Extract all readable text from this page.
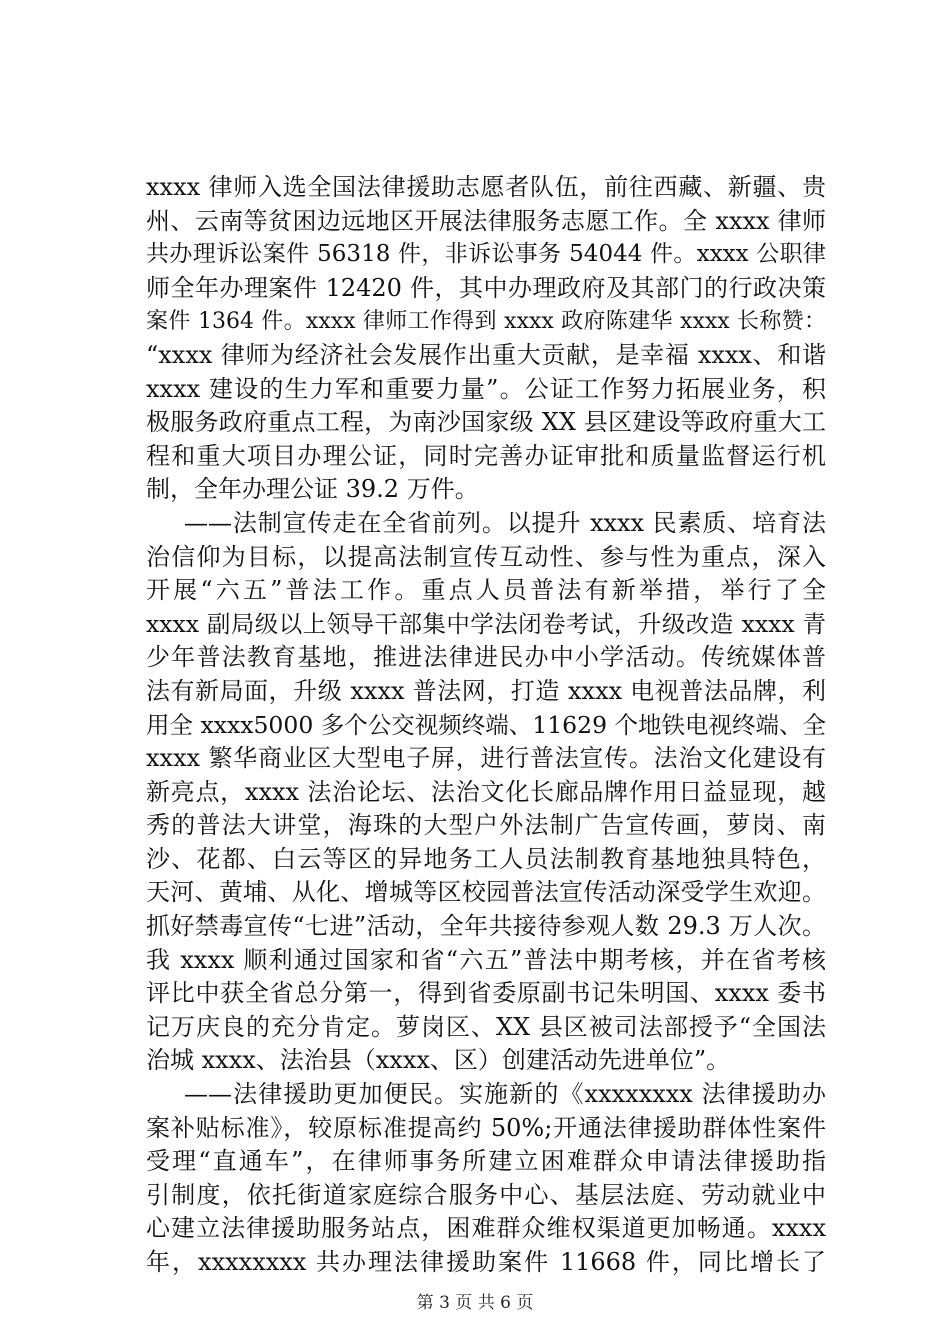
xxxx 律师入选全国法律援助志愿者队伍，前往西藏、新疆、贵
州、云南等贫困边远地区开展法律服务志愿工作。全 xxxx 律师
共办理诉讼案件 56318 件，非诉讼事务 54044 件。xxxx 公职律
师全年办理案件 12420 件，其中办理政府及其部门的行政决策
案件 1364 件。xxxx 律师工作得到 xxxx 政府陈建华 xxxx 长称赞：
“xxxx 律师为经济社会发展作出重大贡献，是幸福 xxxx、和谐
xxxx 建设的生力军和重要力量”。公证工作努力拓展业务，积
极服务政府重点工程，为南沙国家级 XX 县区建设等政府重大工
程和重大项目办理公证，同时完善办证审批和质量监督运行机
制，全年办理公证 39.2 万件。
——法制宣传走在全省前列。以提升 xxxx 民素质、培育法
治信仰为目标，以提高法制宣传互动性、参与性为重点，深入
开展“六五”普法工作。重点人员普法有新举措，举行了全
xxxx 副局级以上领导干部集中学法闭卷考试，升级改造 xxxx 青
少年普法教育基地，推进法律进民办中小学活动。传统媒体普
法有新局面，升级 xxxx 普法网，打造 xxxx 电视普法品牌，利
用全 xxxx5000 多个公交视频终端、11629 个地铁电视终端、全
xxxx 繁华商业区大型电子屏，进行普法宣传。法治文化建设有
新亮点，xxxx 法治论坛、法治文化长廊品牌作用日益显现，越
秀的普法大讲堂，海珠的大型户外法制广告宣传画，萝岗、南
沙、花都、白云等区的异地务工人员法制教育基地独具特色，
天河、黄埔、从化、增城等区校园普法宣传活动深受学生欢迎。
抓好禁毒宣传“七进”活动，全年共接待参观人数 29.3 万人次。
我 xxxx 顺利通过国家和省“六五”普法中期考核，并在省考核
评比中获全省总分第一，得到省委原副书记朱明国、xxxx 委书
记万庆良的充分肯定。萝岗区、XX 县区被司法部授予“全国法
治城 xxxx、法治县（xxxx、区）创建活动先进单位”。
——法律援助更加便民。实施新的《xxxxxxxx 法律援助办
案补贴标准》，较原标准提高约 50%;开通法律援助群体性案件
受理“直通车”，在律师事务所建立困难群众申请法律援助指
引制度，依托街道家庭综合服务中心、基层法庭、劳动就业中
心建立法律援助服务站点，困难群众维权渠道更加畅通。xxxx
年，xxxxxxxx 共办理法律援助案件 11668 件，同比增长了
第 3 页 共 6 页
